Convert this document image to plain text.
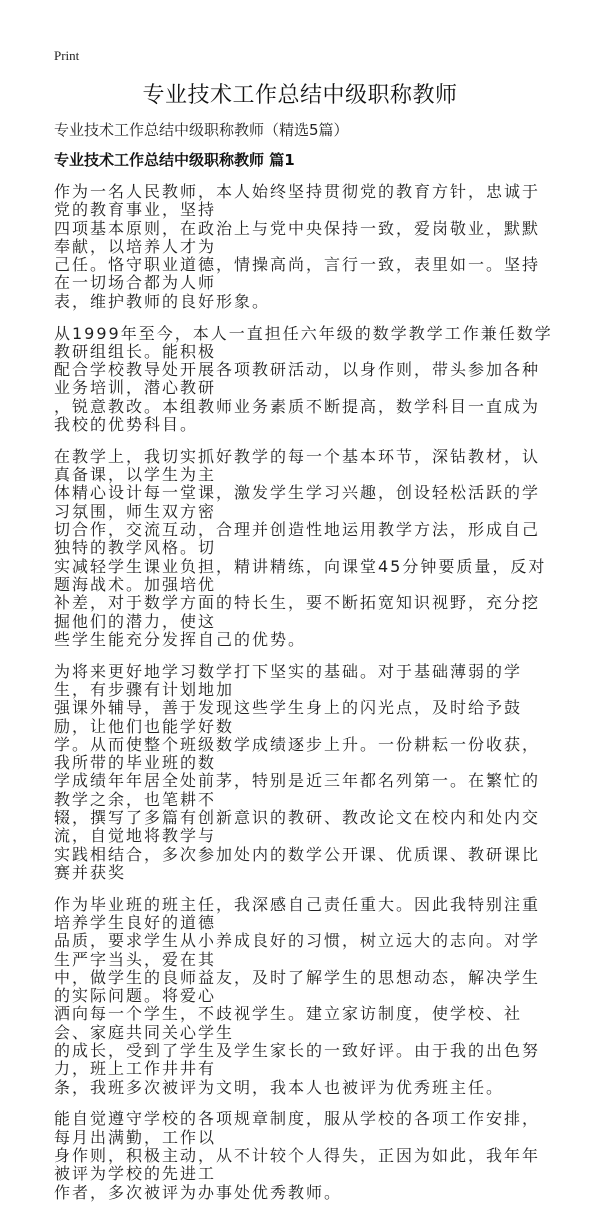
Print
专业技术工作总结中级职称教师
专业技术工作总结中级职称教师（精选5篇）
专业技术工作总结中级职称教师 篇1
作为一名人民教师，本人始终坚持贯彻党的教育方针，忠诚于党的教育事业，坚持
四项基本原则，在政治上与党中央保持一致，爱岗敬业，默默奉献，以培养人才为
己任。恪守职业道德，情操高尚，言行一致，表里如一。坚持在一切场合都为人师
表，维护教师的良好形象。
从1999年至今，本人一直担任六年级的数学教学工作兼任数学教研组组长。能积极
配合学校教导处开展各项教研活动，以身作则，带头参加各种业务培训，潜心教研
，锐意教改。本组教师业务素质不断提高，数学科目一直成为我校的优势科目。
在教学上，我切实抓好教学的每一个基本环节，深钻教材，认真备课，以学生为主
体精心设计每一堂课，激发学生学习兴趣，创设轻松活跃的学习氛围，师生双方密
切合作，交流互动，合理并创造性地运用教学方法，形成自己独特的教学风格。切
实减轻学生课业负担，精讲精练，向课堂45分钟要质量，反对题海战术。加强培优
补差，对于数学方面的特长生，要不断拓宽知识视野，充分挖掘他们的潜力，使这
些学生能充分发挥自己的优势。
为将来更好地学习数学打下坚实的基础。对于基础薄弱的学生，有步骤有计划地加
强课外辅导，善于发现这些学生身上的闪光点，及时给予鼓励，让他们也能学好数
学。从而使整个班级数学成绩逐步上升。一份耕耘一份收获，我所带的毕业班的数
学成绩年年居全处前茅，特别是近三年都名列第一。在繁忙的教学之余，也笔耕不
辍，撰写了多篇有创新意识的教研、教改论文在校内和处内交流，自觉地将教学与
实践相结合，多次参加处内的数学公开课、优质课、教研课比赛并获奖
作为毕业班的班主任，我深感自己责任重大。因此我特别注重培养学生良好的道德
品质，要求学生从小养成良好的习惯，树立远大的志向。对学生严字当头，爱在其
中，做学生的良师益友，及时了解学生的思想动态，解决学生的实际问题。将爱心
洒向每一个学生，不歧视学生。建立家访制度，使学校、社会、家庭共同关心学生
的成长，受到了学生及学生家长的一致好评。由于我的出色努力，班上工作井井有
条，我班多次被评为文明，我本人也被评为优秀班主任。
能自觉遵守学校的各项规章制度，服从学校的各项工作安排，每月出满勤，工作以
身作则，积极主动，从不计较个人得失，正因为如此，我年年被评为学校的先进工
作者，多次被评为办事处优秀教师。
